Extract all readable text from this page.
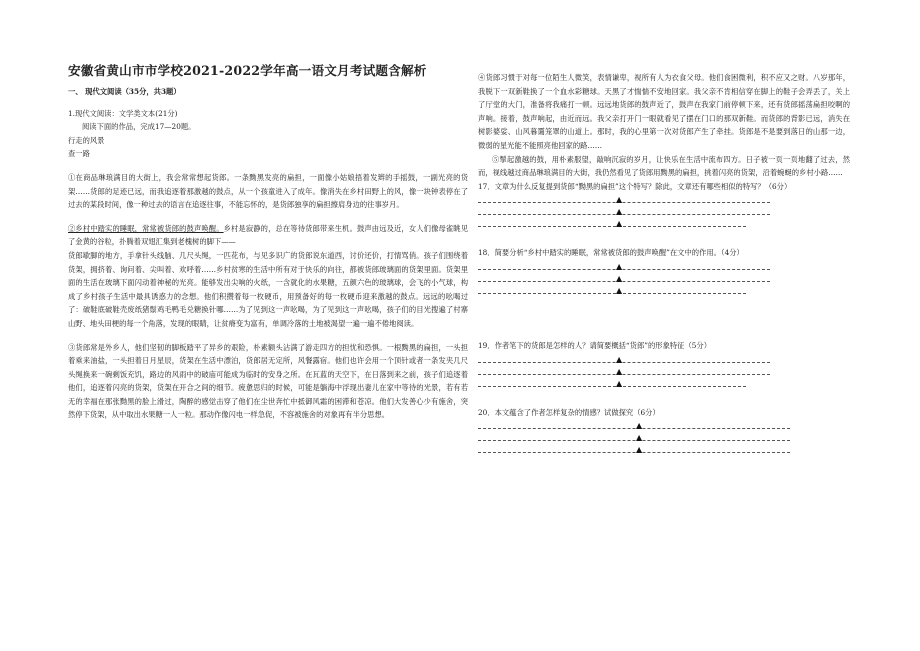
安徽省黄山市市学校2021-2022学年高一语文月考试题含解析
一、 现代文阅读（35分，共3题）

1.现代文阅读：文学类文本(21分)

阅读下面的作品，完成17—20题。

行走的风景

查一路

①在商品琳琅满目的大街上，我会常常想起货郎。一条黝黑发亮的扁担，一面像小姑娘捂着发辫的手摇鼓，一副光亮的货架……货郎的足迹已远，而我追逐着那激越的鼓点，从一个孩童进入了成年。像消失在乡村田野上的风，像一块钟表停在了过去的某段时间，像一种过去的语言在追逐往事，不能忘怀的，是货郎独享的扁担擦肩身边的往事岁月。

②乡村中踏实的睡眠，常常被货郎的鼓声唤醒。乡村是寂静的，总在等待货郎带来生机。鼓声由远及近，女人们像母雀眺见了金黄的谷粒，扑腾着双翅汇集到老槐树的脚下——

货郎歇脚的地方，手拿针头线脑、几尺头绳，一匹花布，与见多识广的货郎说东道西，讨价还价，打情骂俏。孩子们围绕着货架，拥挤着、询问着、尖叫着、欢呼着……乡村贫寒的生活中所有对于快乐的向往，都被货郎玻璃面的货架里面。货架里面的生活在玻璃下面闪动着神秘的光亮。能够发出尖响的火纸，一含就化的水果糖，五颜六色的玻璃球，会飞的小气球，构成了乡村孩子生活中最具诱惑力的念想。他们积攒着每一枚硬币，用预备好的每一枚硬币迎来激越的鼓点。远远的吆喝过了：破鞋底破鞋壳废纸猪鬃鸡毛鸭毛兑糖换针哪……为了见到这一声吆喝，为了见到这一声吆喝，孩子们的目光搜遍了村寨山野、地头田梗的每一个角落，发现的眼睛，让贫瘠变为富有，单调冷落的土地被渴望一遍一遍不倦地阅读。

③货郎常是外乡人，他们坚韧的脚板踏平了异乡的艰险，朴素额头沾满了游走四方的担忧和恐惧。一根黝黑的扁担，一头担着乘来油盐，一头担着日月星辰，货架在生活中漂泊，货郎居无定所，风餐露宿。他们也许会用一个顶针或者一条发夹几尺头绳换来一碗剩饭充饥，路边的风雨中的破庙可能成为临时的安身之所。在瓦蓝的天空下，在日落到来之前，孩子们追逐着他们，追逐着闪亮的货架，货架在开合之间的细节。疲惫思归的时候，可能是躺海中浮现出妻儿在家中等待的光景，若有若无的幸福在那张黝黑的脸上滑过，陶醉的感觉击穿了他们在尘世奔忙中抵御风霜的困滞和苍凉。他们大发善心少有施舍，突然停下货架，从中取出水果糖一人一粒。那动作像闪电一样急促，不容被施舍的对象再有半分思想。

④货郎习惯于对每一位陌生人微笑，表情谦卑，视所有人为衣食父母。他们食困微利，积不应又之财。八岁那年，我脱下一双新鞋换了一个血水彩糖球。天黑了才惴惴不安地回家。我父亲不肯相信穿在脚上的鞋子会弄丢了，关上了厅堂的大门，准备将我痛打一顿。远远地货郎的鼓声近了，鼓声在我家门前停顿下来，还有货郎摇荡扁担咬啊的声响。接着，鼓声响起，由近而远。我父亲打开门一眼就看见了摆在门口的那双新鞋。而货郎的背影已远，消失在树影婆娑、山风暮霭笼罩的山道上。那时，我的心里第一次对货郎产生了牵挂。货郎是不是要到落日的山那一边，微弱的星光能不能照亮他回家的路……

⑤掣起激越的鼓，用朴素服望，敲响沉寂的岁月，让快乐在生活中流布四方。日子被一页一页地翻了过去，然而，视线越过商品琳琅满目的大街，我仍然看见了货郎用黝黑的扁担，挑着闪亮的货架，沿着蜿蜒的乡村小路……

17．文章为什么反复提到货郎“黝黑的扁担”这个特写？除此，文章还有哪些相似的特写？（6分）

▲
▲
▲

18．简要分析“乡村中踏实的睡眠，常常被货郎的鼓声唤醒”在文中的作用。（4分）

▲
▲
▲

19．作者笔下的货郎是怎样的人？请简要概括“货郎”的形象特征（5分）

▲
▲
▲

20．本文蕴含了作者怎样复杂的情感？试做探究（6分）

▲
▲
▲
